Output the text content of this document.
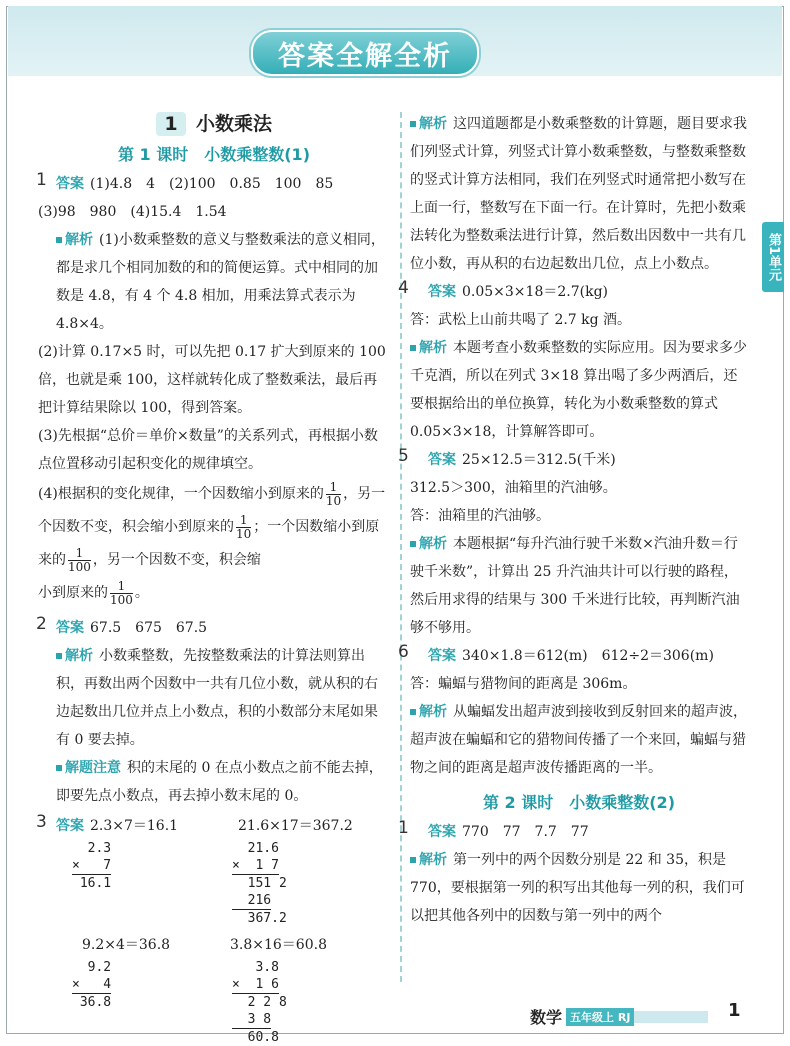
答案全解全析
1 小数乘法
第 1 课时　小数乘整数(1)
1 答案 (1)4.8　4　(2)100　0.85　100　85

(3)98　980　(4)15.4　1.54

解析 (1)小数乘整数的意义与整数乘法的意义相同，都是求几个相同加数的和的简便运算。式中相同的加数是 4.8，有 4 个 4.8 相加，用乘法算式表示为 4.8×4。

(2)计算 0.17×5 时，可以先把 0.17 扩大到原来的 100 倍，也就是乘 100，这样就转化成了整数乘法，最后再把计算结果除以 100，得到答案。

(3)先根据“总价＝单价×数量”的关系列式，再根据小数点位置移动引起积变化的规律填空。

(4)根据积的变化规律，一个因数缩小到原来的 $\frac{1}{10}$ ，另一个因数不变，积会缩小到原来的 $\frac{1}{10}$ ；一个因数缩小到原来的 $\frac{1}{100}$ ，另一个因数不变，积会缩
小到原来的 $\frac{1}{100}$ 。

2 答案 67.5　675　67.5

解析 小数乘整数，先按整数乘法的计算法则算出积，再数出两个因数中一共有几位小数，就从积的右边起数出几位并点上小数点，积的小数部分末尾如果有 0 要去掉。

解题注意 积的末尾的 0 在点小数点之前不能去掉，即要先点小数点，再去掉小数末尾的 0。

3 答案 2.3×7＝16.1	21.6×17＝367.2

2.3
×   7
16.1
21.6
×  1 7
151 2
216
367.2

9.2×4＝36.8	3.8×16＝60.8

9.2
×   4
36.8
3.8
×  1 6
2 2 8
3 8
60.8

解析 这四道题都是小数乘整数的计算题，题目要求我们列竖式计算，列竖式计算小数乘整数，与整数乘整数的竖式计算方法相同，我们在列竖式时通常把小数写在上面一行，整数写在下面一行。在计算时，先把小数乘法转化为整数乘法进行计算，然后数出因数中一共有几位小数，再从积的右边起数出几位，点上小数点。

4	答案 0.05×3×18＝2.7(kg)

答：武松上山前共喝了 2.7 kg 酒。

解析 本题考查小数乘整数的实际应用。因为要求多少千克酒，所以在列式 3×18 算出喝了多少两酒后，还要根据给出的单位换算，转化为小数乘整数的算式 0.05×3×18，计算解答即可。

5	答案 25×12.5＝312.5(千米)

312.5＞300，油箱里的汽油够。

答：油箱里的汽油够。

解析 本题根据“每升汽油行驶千米数×汽油升数＝行驶千米数”，计算出 25 升汽油共计可以行驶的路程，然后用求得的结果与 300 千米进行比较，再判断汽油够不够用。

6	答案 340×1.8＝612(m)　612÷2＝306(m)

答：蝙蝠与猎物间的距离是 306m。

解析 从蝙蝠发出超声波到接收到反射回来的超声波，超声波在蝙蝠和它的猎物间传播了一个来回，蝙蝠与猎物之间的距离是超声波传播距离的一半。

第 2 课时　小数乘整数(2)
1	答案 770　77　7.7　77

解析 第一列中的两个因数分别是 22 和 35，积是 770，要根据第一列的积写出其他每一列的积，我们可以把其他各列中的因数与第一列中的两个

第1单元
数学 五年级上 RJ	1
